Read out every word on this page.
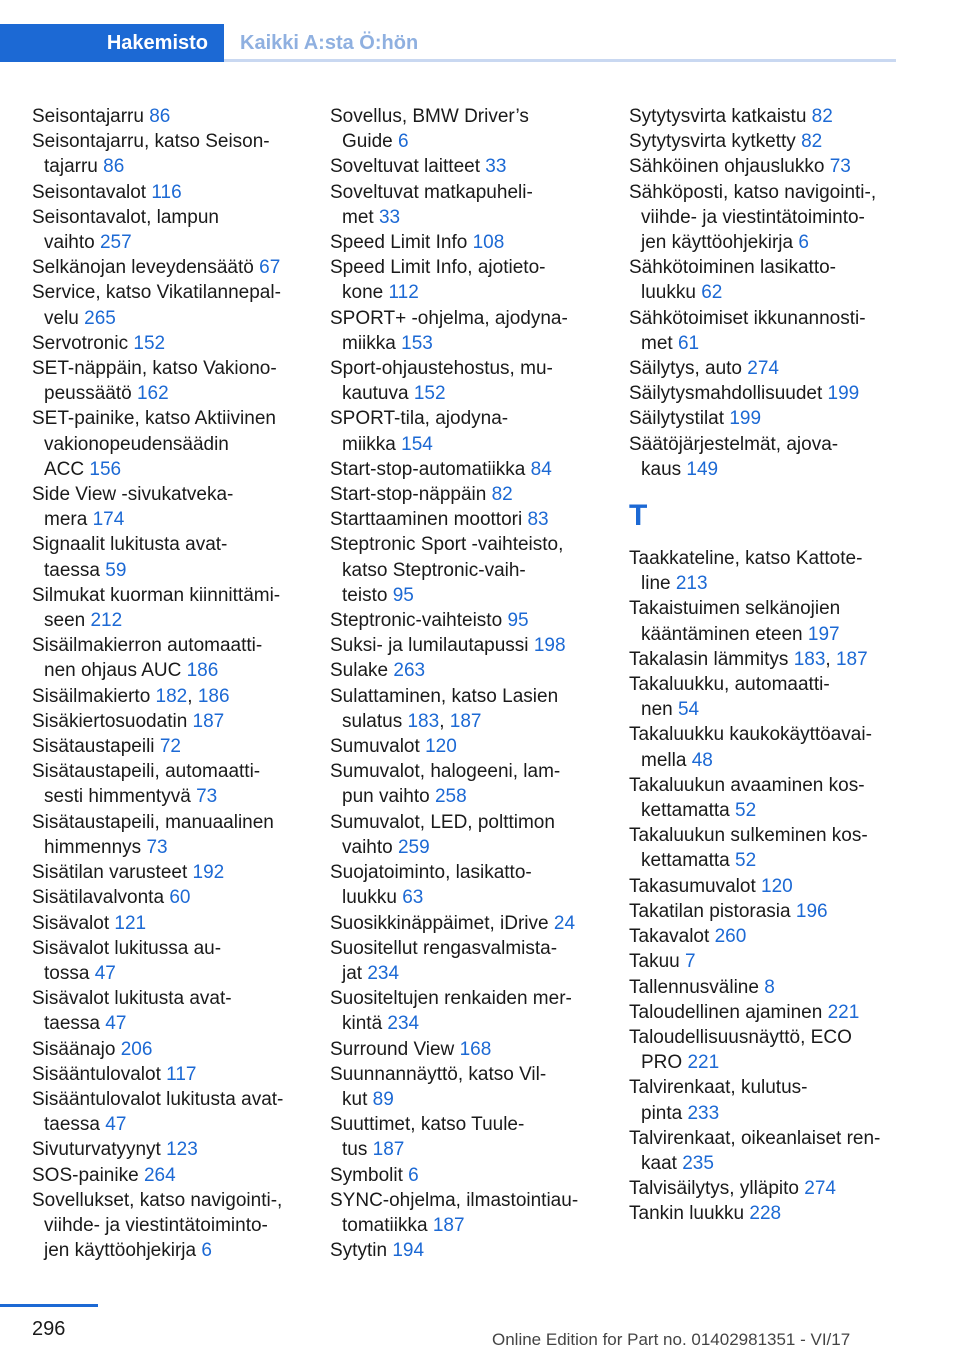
Hakemisto	Kaikki A:sta Ö:hön

Seisontajarru 86

Seisontajarru, katso Seison-
tajarru 86

Seisontavalot 116

Seisontavalot, lampun
vaihto 257

Selkänojan leveydensäätö 67

Service, katso Vikatilannepal-
velu 265

Servotronic 152

SET-näppäin, katso Vakiono-
peussäätö 162

SET-painike, katso Aktiivinen
vakionopeudensäädin
ACC 156

Side View -sivukatveka-
mera 174

Signaalit lukitusta avat-
taessa 59

Silmukat kuorman kiinnittämi-
seen 212

Sisäilmakierron automaatti-
nen ohjaus AUC 186

Sisäilmakierto 182, 186

Sisäkiertosuodatin 187

Sisätaustapeili 72

Sisätaustapeili, automaatti-
sesti himmentyvä 73

Sisätaustapeili, manuaalinen
himmennys 73

Sisätilan varusteet 192

Sisätilavalvonta 60

Sisävalot 121

Sisävalot lukitussa au-
tossa 47

Sisävalot lukitusta avat-
taessa 47

Sisäänajo 206

Sisääntulovalot 117

Sisääntulovalot lukitusta avat-
taessa 47

Sivuturvatyynyt 123

SOS-painike 264

Sovellukset, katso navigointi-,
viihde- ja viestintätoiminto-
jen käyttöohjekirja 6

Sovellus, BMW Driver’s
Guide 6

Soveltuvat laitteet 33

Soveltuvat matkapuheli-
met 33

Speed Limit Info 108

Speed Limit Info, ajotieto-
kone 112

SPORT+ -ohjelma, ajodyna-
miikka 153

Sport-ohjaustehostus, mu-
kautuva 152

SPORT-tila, ajodyna-
miikka 154

Start-stop-automatiikka 84

Start-stop-näppäin 82

Starttaaminen moottori 83

Steptronic Sport -vaihteisto,
katso Steptronic-vaih-
teisto 95

Steptronic-vaihteisto 95

Suksi- ja lumilautapussi 198

Sulake 263

Sulattaminen, katso Lasien
sulatus 183, 187

Sumuvalot 120

Sumuvalot, halogeeni, lam-
pun vaihto 258

Sumuvalot, LED, polttimon
vaihto 259

Suojatoiminto, lasikatto-
luukku 63

Suosikkinäppäimet, iDrive 24

Suositellut rengasvalmista-
jat 234

Suositeltujen renkaiden mer-
kintä 234

Surround View 168

Suunnannäyttö, katso Vil-
kut 89

Suuttimet, katso Tuule-
tus 187

Symbolit 6

SYNC-ohjelma, ilmastointiau-
tomatiikka 187

Sytytin 194

Sytytysvirta katkaistu 82

Sytytysvirta kytketty 82

Sähköinen ohjauslukko 73

Sähköposti, katso navigointi-,
viihde- ja viestintätoiminto-
jen käyttöohjekirja 6

Sähkötoiminen lasikatto-
luukku 62

Sähkötoimiset ikkunannosti-
met 61

Säilytys, auto 274

Säilytysmahdollisuudet 199

Säilytystilat 199

Säätöjärjestelmät, ajova-
kaus 149

T

Taakkateline, katso Kattote-
line 213

Takaistuimen selkänojien
kääntäminen eteen 197

Takalasin lämmitys 183, 187

Takaluukku, automaatti-
nen 54

Takaluukku kaukokäyttöavai-
mella 48

Takaluukun avaaminen kos-
kettamatta 52

Takaluukun sulkeminen kos-
kettamatta 52

Takasumuvalot 120

Takatilan pistorasia 196

Takavalot 260

Takuu 7

Tallennusväline 8

Taloudellinen ajaminen 221

Taloudellisuusnäyttö, ECO
PRO 221

Talvirenkaat, kulutus-
pinta 233

Talvirenkaat, oikeanlaiset ren-
kaat 235

Talvisäilytys, ylläpito 274

Tankin luukku 228

296	Online Edition for Part no. 01402981351 - VI/17
